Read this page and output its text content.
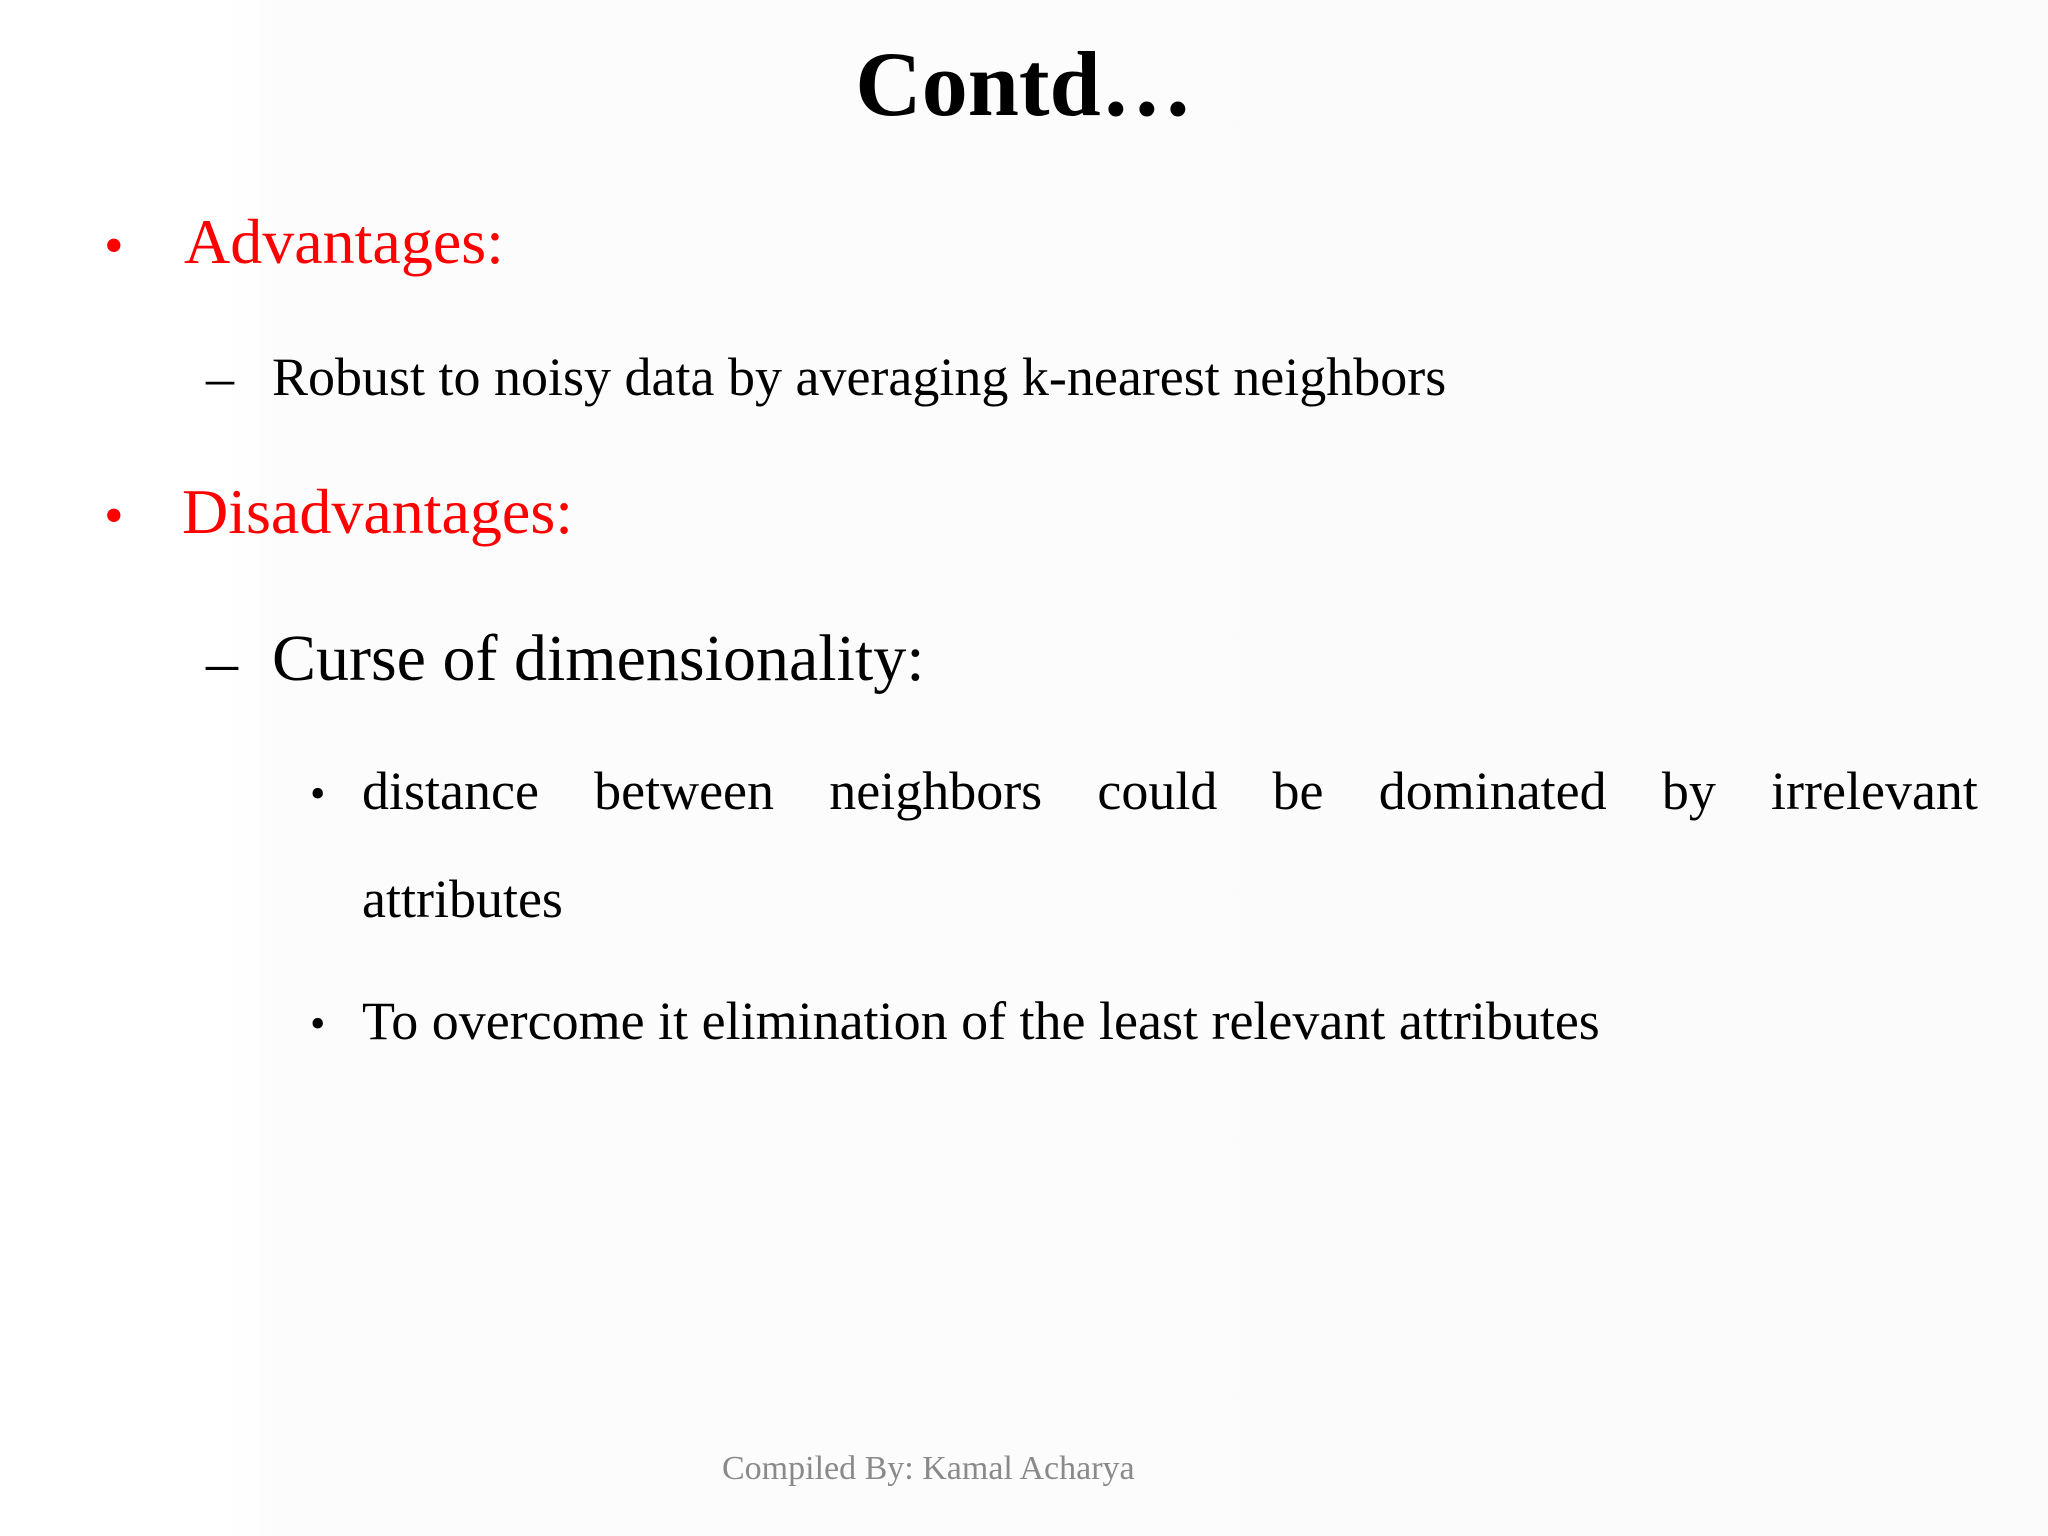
Contd…
• Advantages:
– Robust to noisy data by averaging k-nearest neighbors
• Disadvantages:
– Curse of dimensionality:
• distance between neighbors could be dominated by irrelevant
attributes
• To overcome it elimination of the least relevant attributes
Compiled By: Kamal Acharya
